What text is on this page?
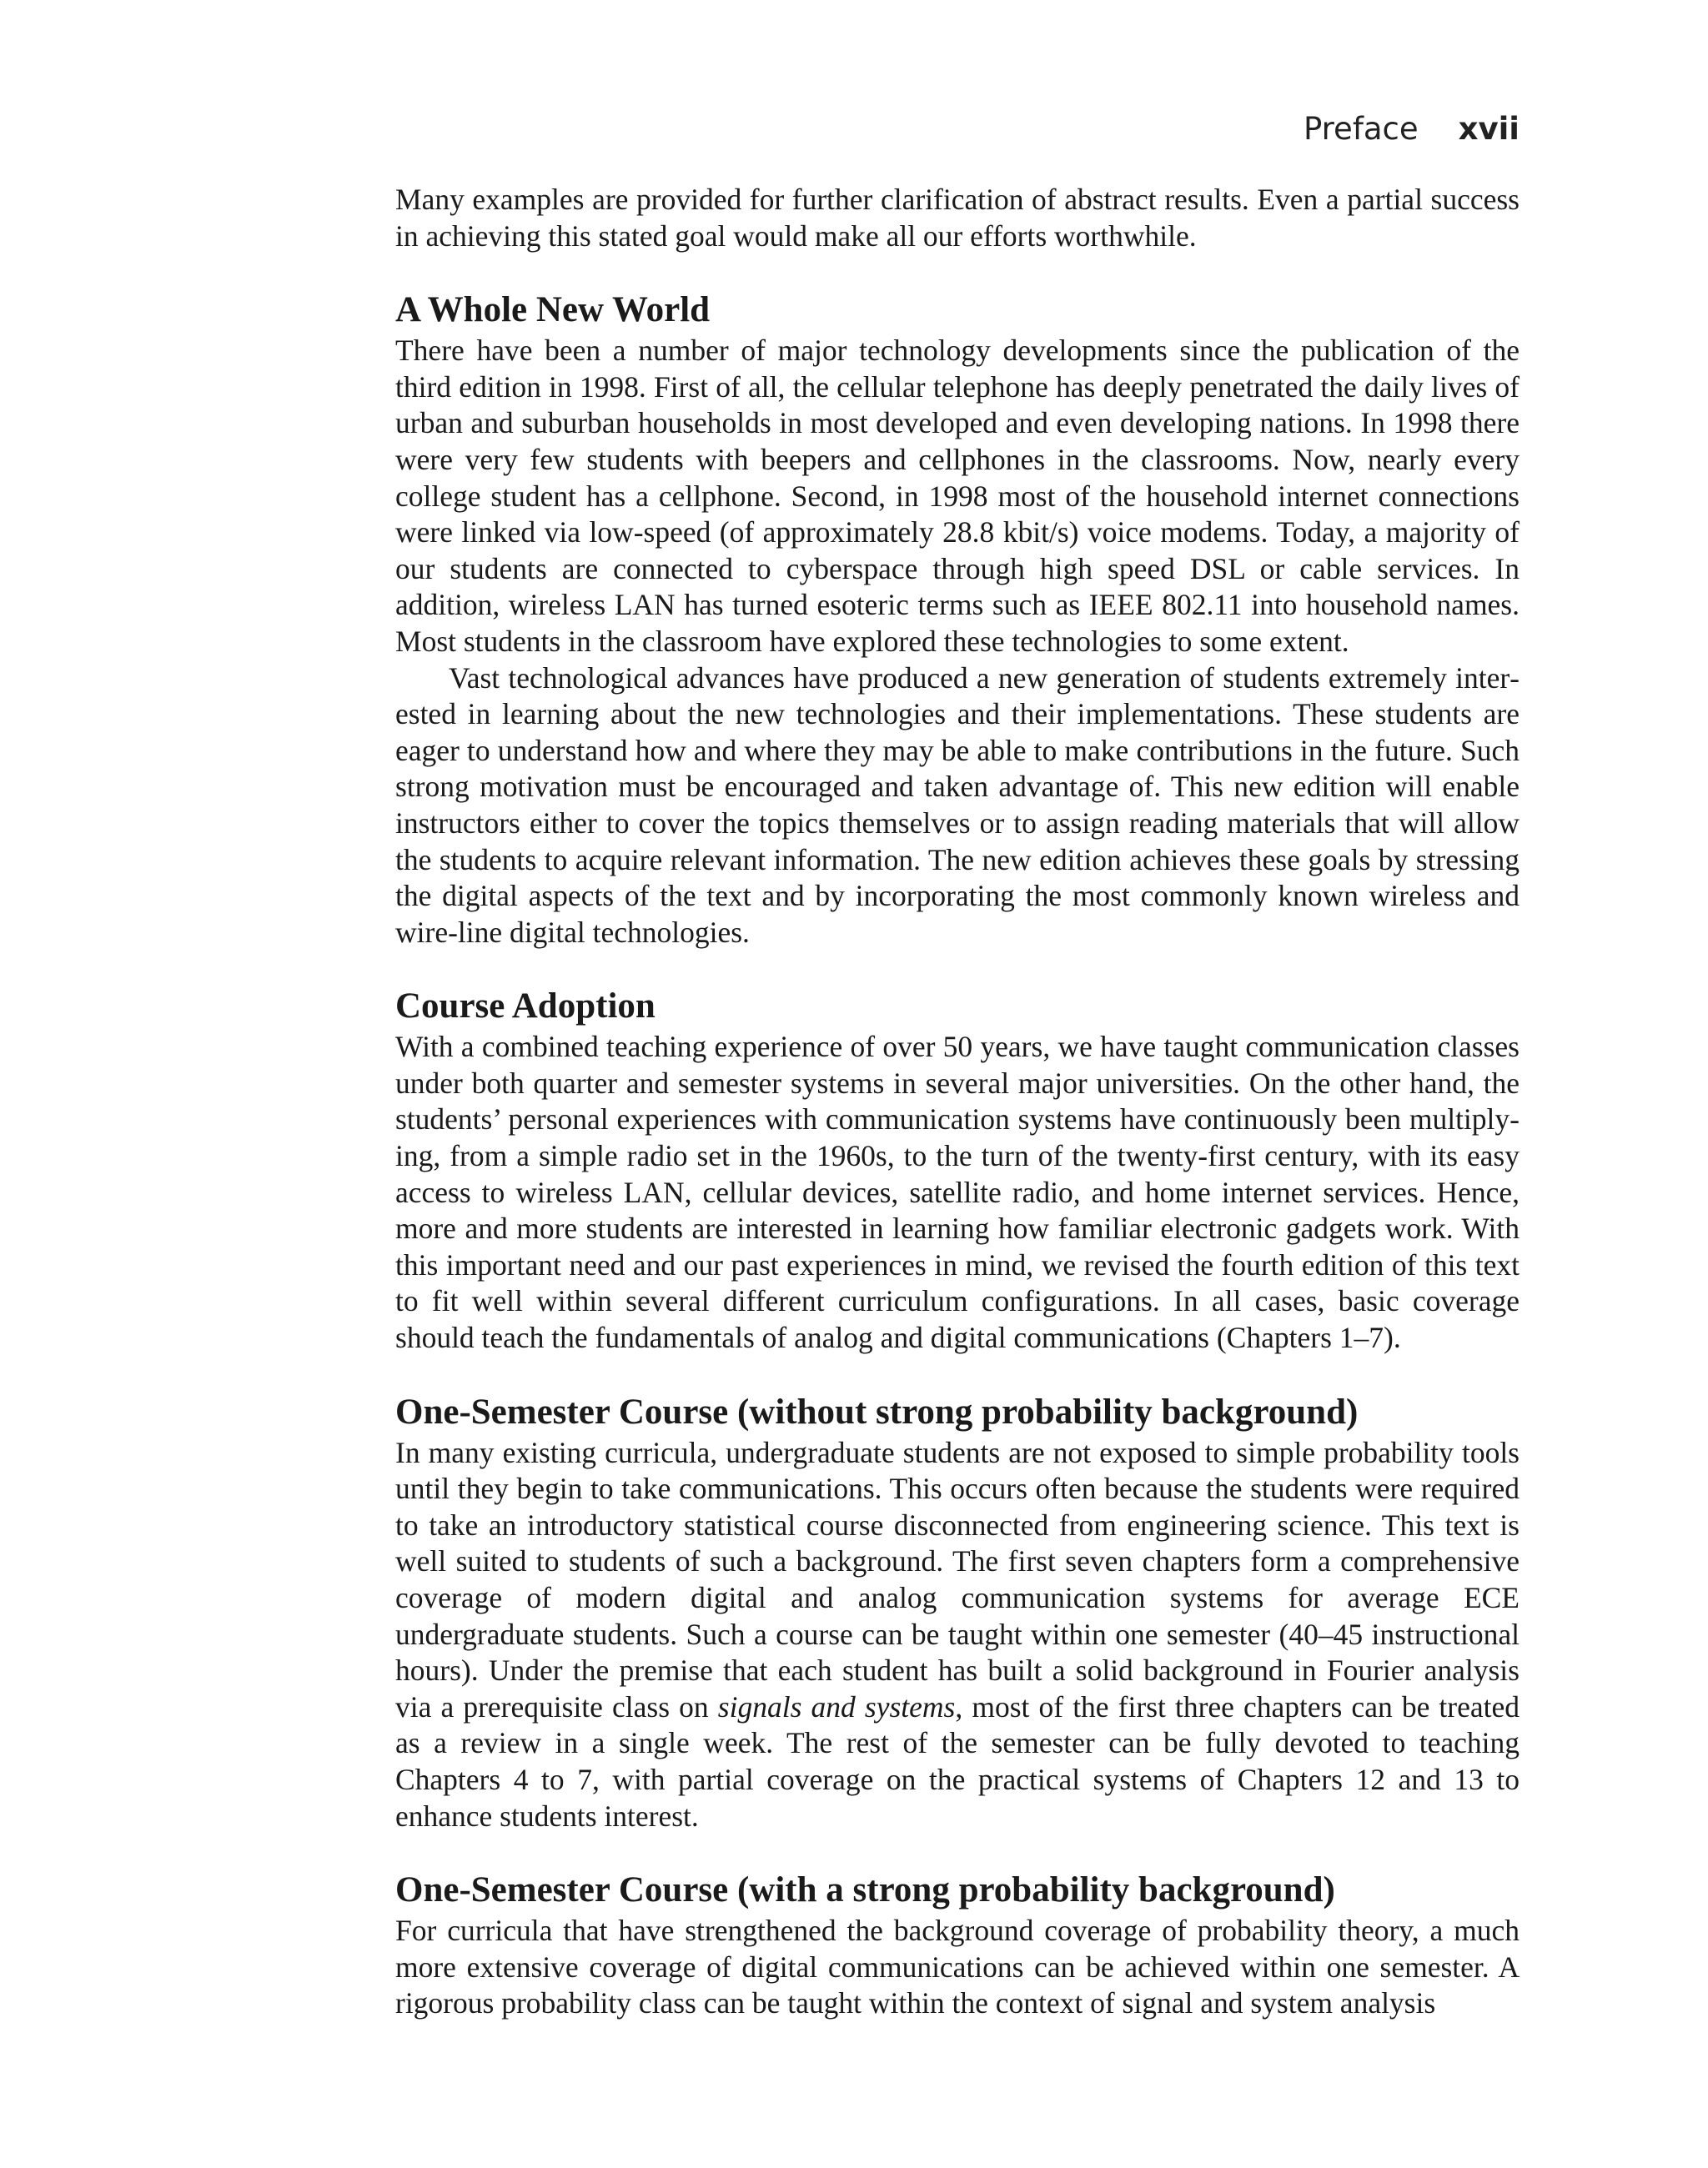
Preface xvii

Many examples are provided for further clarification of abstract results. Even a partial success in achieving this stated goal would make all our efforts worthwhile.

A Whole New World

There have been a number of major technology developments since the publication of the third edition in 1998. First of all, the cellular telephone has deeply penetrated the daily lives of urban and suburban households in most developed and even developing nations. In 1998 there were very few students with beepers and cellphones in the classrooms. Now, nearly every college student has a cellphone. Second, in 1998 most of the household internet connections were linked via low-speed (of approximately 28.8 kbit/s) voice modems. Today, a majority of our students are connected to cyberspace through high speed DSL or cable services. In addition, wireless LAN has turned esoteric terms such as IEEE 802.11 into household names. Most students in the classroom have explored these technologies to some extent.

Vast technological advances have produced a new generation of students extremely interested in learning about the new technologies and their implementations. These students are eager to understand how and where they may be able to make contributions in the future. Such strong motivation must be encouraged and taken advantage of. This new edition will enable instructors either to cover the topics themselves or to assign reading materials that will allow the students to acquire relevant information. The new edition achieves these goals by stressing the digital aspects of the text and by incorporating the most commonly known wireless and wire-line digital technologies.

Course Adoption

With a combined teaching experience of over 50 years, we have taught communication classes under both quarter and semester systems in several major universities. On the other hand, the students’ personal experiences with communication systems have continuously been multiplying, from a simple radio set in the 1960s, to the turn of the twenty-first century, with its easy access to wireless LAN, cellular devices, satellite radio, and home internet services. Hence, more and more students are interested in learning how familiar electronic gadgets work. With this important need and our past experiences in mind, we revised the fourth edition of this text to fit well within several different curriculum configurations. In all cases, basic coverage should teach the fundamentals of analog and digital communications (Chapters 1–7).

One-Semester Course (without strong probability background)

In many existing curricula, undergraduate students are not exposed to simple probability tools until they begin to take communications. This occurs often because the students were required to take an introductory statistical course disconnected from engineering science. This text is well suited to students of such a background. The first seven chapters form a comprehensive coverage of modern digital and analog communication systems for average ECE undergraduate students. Such a course can be taught within one semester (40–45 instructional hours). Under the premise that each student has built a solid background in Fourier analysis via a prerequisite class on signals and systems, most of the first three chapters can be treated as a review in a single week. The rest of the semester can be fully devoted to teaching Chapters 4 to 7, with partial coverage on the practical systems of Chapters 12 and 13 to enhance students interest.

One-Semester Course (with a strong probability background)

For curricula that have strengthened the background coverage of probability theory, a much more extensive coverage of digital communications can be achieved within one semester. A rigorous probability class can be taught within the context of signal and system analysis
